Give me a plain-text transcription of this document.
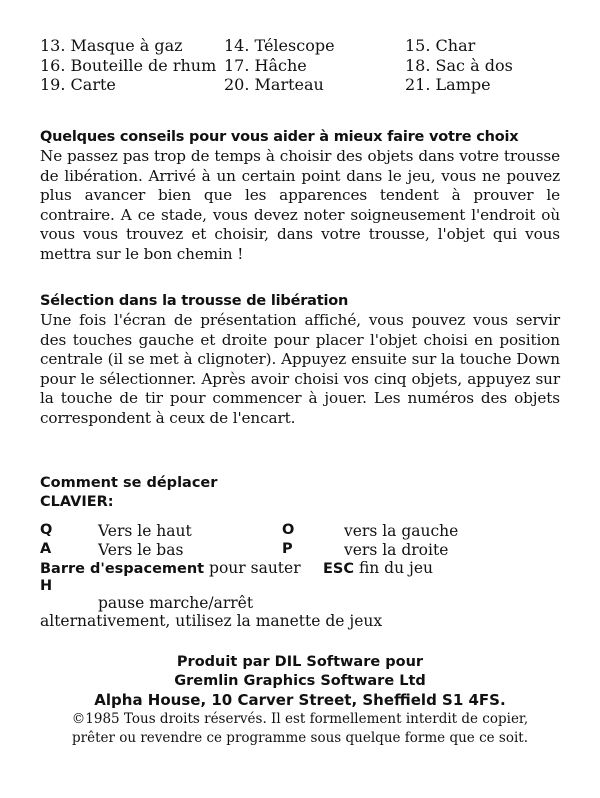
13. Masque à gaz	14. Télescope	15. Char
16. Bouteille de rhum 17. Hâche	18. Sac à dos
19. Carte	20. Marteau	21. Lampe
Quelques conseils pour vous aider à mieux faire votre choix

Ne passez pas trop de temps à choisir des objets dans votre trousse de libération. Arrivé à un certain point dans le jeu, vous ne pouvez plus avancer bien que les apparences tendent à prouver le contraire. A ce stade, vous devez noter soigneusement l'endroit où vous vous trouvez et choisir, dans votre trousse, l'objet qui vous mettra sur le bon chemin !

Sélection dans la trousse de libération

Une fois l'écran de présentation affiché, vous pouvez vous servir des touches gauche et droite pour placer l'objet choisi en position centrale (il se met à clignoter). Appuyez ensuite sur la touche Down pour le sélectionner. Après avoir choisi vos cinq objets, appuyez sur la touche de tir pour commencer à jouer. Les numéros des objets correspondent à ceux de l'encart.

Comment se déplacer
CLAVIER:
Q	Vers le haut	O	vers la gauche
A	Vers le bas	P	vers la droite
Barre d'espacement pour sauter ESC fin du jeu
H
pause marche/arrêt
alternativement, utilisez la manette de jeux
Produit par DIL Software pour
Gremlin Graphics Software Ltd
Alpha House, 10 Carver Street, Sheffield S1 4FS.
©1985 Tous droits réservés. Il est formellement interdit de copier,
prêter ou revendre ce programme sous quelque forme que ce soit.
